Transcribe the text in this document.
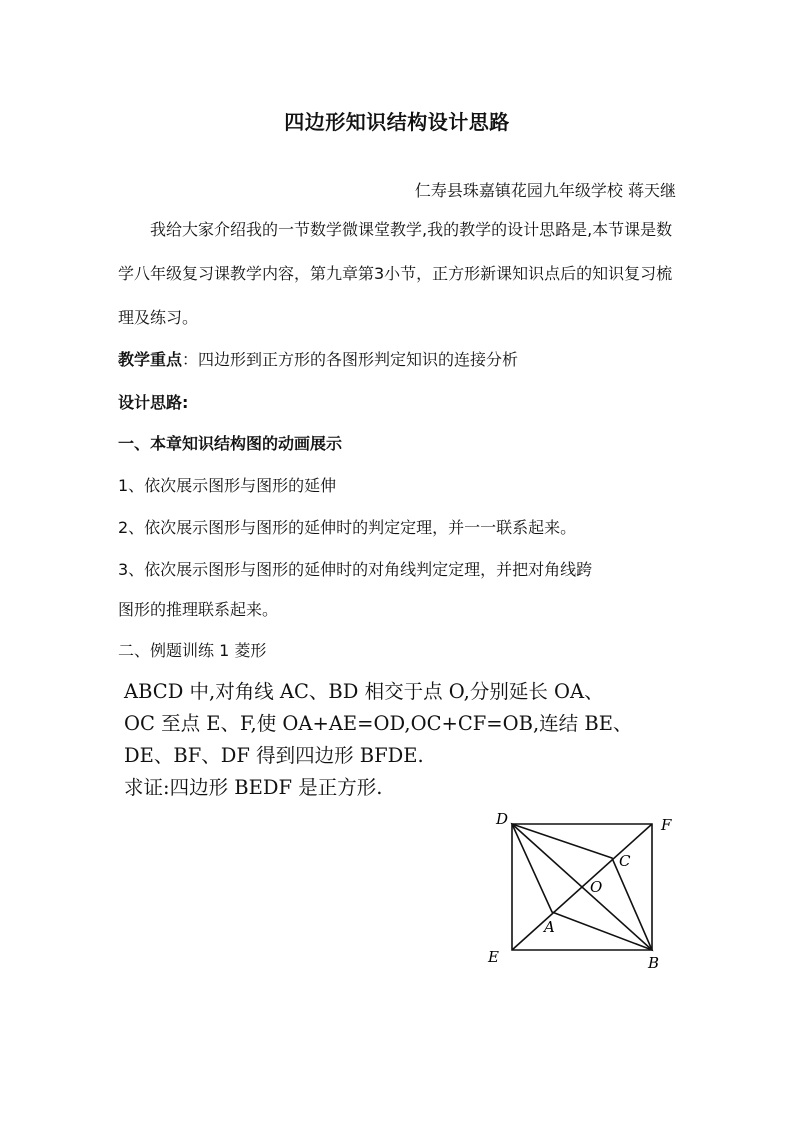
四边形知识结构设计思路
仁寿县珠嘉镇花园九年级学校 蒋天继
我给大家介绍我的一节数学微课堂教学,我的教学的设计思路是,本节课是数学八年级复习课教学内容，第九章第3小节，正方形新课知识点后的知识复习梳理及练习。
教学重点：四边形到正方形的各图形判定知识的连接分析
设计思路:
一、本章知识结构图的动画展示
1、依次展示图形与图形的延伸
2、依次展示图形与图形的延伸时的判定定理，并一一联系起来。
3、依次展示图形与图形的延伸时的对角线判定定理，并把对角线跨
图形的推理联系起来。
二、例题训练 1 菱形
ABCD 中,对角线 AC、BD 相交于点 O,分别延长 OA、
OC 至点 E、F,使 OA+AE=OD,OC+CF=OB,连结 BE、
DE、BF、DF 得到四边形 BFDE.
求证:四边形 BEDF 是正方形.
D	F
C
O
A
E	B
